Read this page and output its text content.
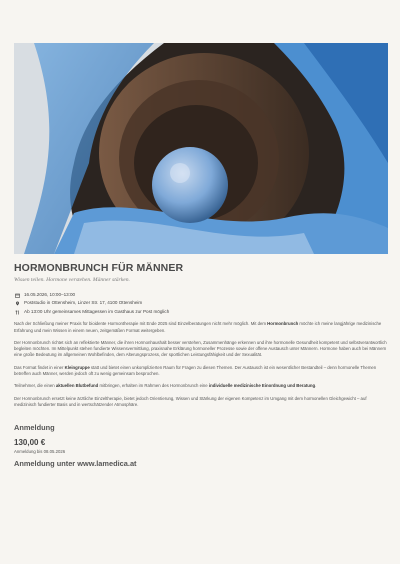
HORMONBRUNCH FÜR MÄNNER
Wissen teilen. Hormone verstehen. Männer stärken.
16.05.2026, 10:00–13:00
Poststudio in Ottensheim, Linzer Str. 17, 4100 Ottensheim
Ab 13:00 Uhr gemeinsames Mittagessen im Gasthaus zur Post möglich

Nach der Schließung meiner Praxis für bioidente Hormontherapie mit Ende 2025 sind Einzelberatungen nicht mehr möglich. Mit dem Hormonbrunch möchte ich meine langjährige medizinische Erfahrung und mein Wissen in einem neuen, zeitgemäßen Format weitergeben.

Der Hormonbrunch richtet sich an reflektierte Männer, die ihren Hormonhaushalt besser verstehen, Zusammenhänge erkennen und ihre hormonelle Gesundheit kompetent und selbstverantwortlich begleiten möchten. Im Mittelpunkt stehen fundierte Wissensvermittlung, praxisnahe Erklärung hormoneller Prozesse sowie der offene Austausch unter Männern. Hormone haben auch bei Männern eine große Bedeutung im allgemeinen Wohlbefinden, dem Alterungsprozess, der sportlichen Leistungsfähigkeit und der Sexualität.

Das Format findet in einer Kleingruppe statt und bietet einen unkomplizierten Raum für Fragen zu diesen Themen. Der Austausch ist ein wesentlicher Bestandteil – denn hormonelle Themen betreffen auch Männer, werden jedoch oft zu wenig gemeinsam besprochen.

Teilnehmer, die einen aktuellen Blutbefund mitbringen, erhalten im Rahmen des Hormonbrunch eine individuelle medizinische Einordnung und Beratung.

Der Hormonbrunch ersetzt keine ärztliche Einzeltherapie, bietet jedoch Orientierung, Wissen und Stärkung der eigenen Kompetenz im Umgang mit dem hormonellen Gleichgewicht – auf medizinisch fundierter Basis und in wertschätzender Atmosphäre.

Anmeldung
130,00 €
Anmeldung bis 08.05.2026
Anmeldung unter www.lamedica.at
